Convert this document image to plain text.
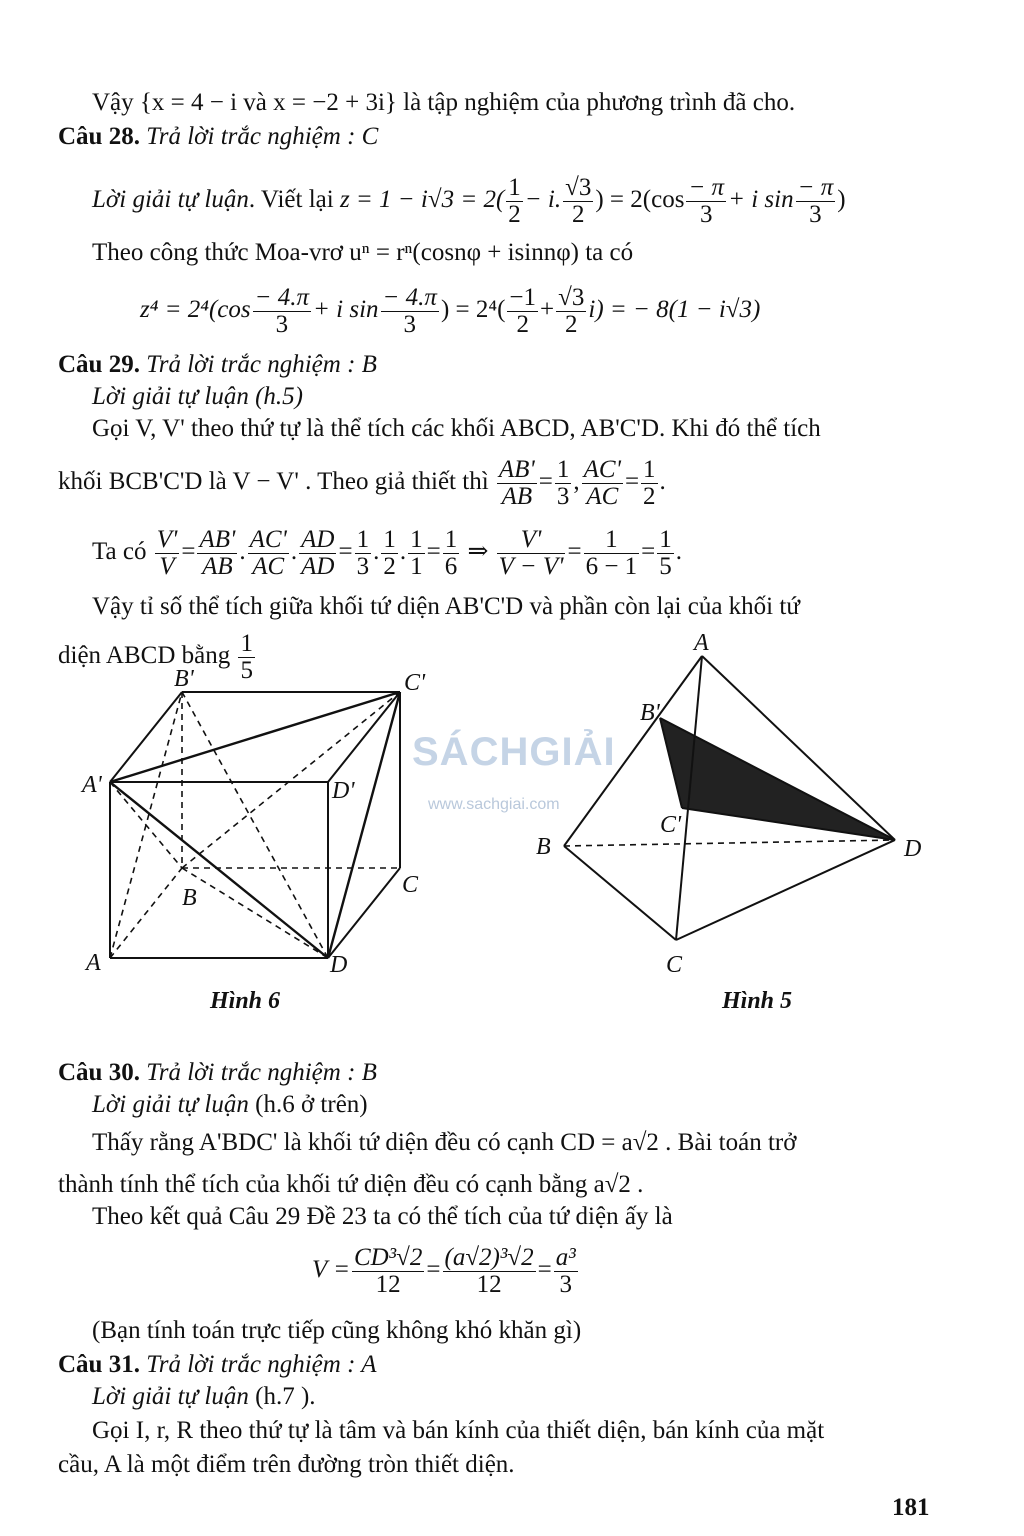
Vậy {x = 4 − i và x = −2 + 3i} là tập nghiệm của phương trình đã cho.
Câu 28. Trả lời trắc nghiệm : C
Lời giải tự luận. Viết lại $z = 1 - i√3 = 2( \frac{1}{2} - i$. $\frac{√3}{2}$ ) = $2(\cos \frac{- \pi}{3} + i$ $\sin \frac{- \pi}{3}$ )
Theo công thức Moa-vrơ uⁿ = rⁿ(cosnφ + isinnφ) ta có
$z^4 = 2^4(\cos \frac{- 4.\pi}{3} + i$ $\sin \frac{- 4.\pi}{3}$ ) = $2^4( \frac{-1}{2} + \frac{√3}{2} i)$ = − 8(1 − i√3)
Câu 29. Trả lời trắc nghiệm : B
Lời giải tự luận (h.5)
Gọi V, V' theo thứ tự là thể tích các khối ABCD, AB'C'D. Khi đó thể tích
khối BCB'C'D là V − V' . Theo giả thiết thì $\frac{AB'}{AB} = \frac{1}{3}$ , $\frac{AC'}{AC} = \frac{1}{2}$ .
Ta có $\frac{V'}{V} = \frac{AB'}{AB}$ . $\frac{AC'}{AC}$ . $\frac{AD}{AD} = \frac{1}{3}$ . $\frac{1}{2}$ . $\frac{1}{1} = \frac{1}{6}$ ⇒ $\frac{V'}{V - V'} = \frac{1}{6 - 1} = \frac{1}{5}$ .
Vậy tỉ số thể tích giữa khối tứ diện AB'C'D và phần còn lại của khối tứ
diện ABCD bằng $\frac{1}{5}$
SÁCHGIẢI
www.sachgiai.com
B'	C'
A'	D'
B	C
A	D
Hình 6
A
B'
C'
B	D
C
Hình 5
Câu 30. Trả lời trắc nghiệm : B
Lời giải tự luận (h.6 ở trên)
Thấy rằng A'BDC' là khối tứ diện đều có cạnh CD = a√2 . Bài toán trở
thành tính thể tích của khối tứ diện đều có cạnh bằng a√2 .
Theo kết quả Câu 29 Đề 23 ta có thể tích của tứ diện ấy là
$V = \frac{\text{CD³√2}}{12} = \frac{\text{(a√2)³√2}}{12} = \frac{\text{a³}}{3}$
(Bạn tính toán trực tiếp cũng không khó khăn gì)
Câu 31. Trả lời trắc nghiệm : A
Lời giải tự luận (h.7 ).
Gọi I, r, R theo thứ tự là tâm và bán kính của thiết diện, bán kính của mặt
cầu, A là một điểm trên đường tròn thiết diện.
181
